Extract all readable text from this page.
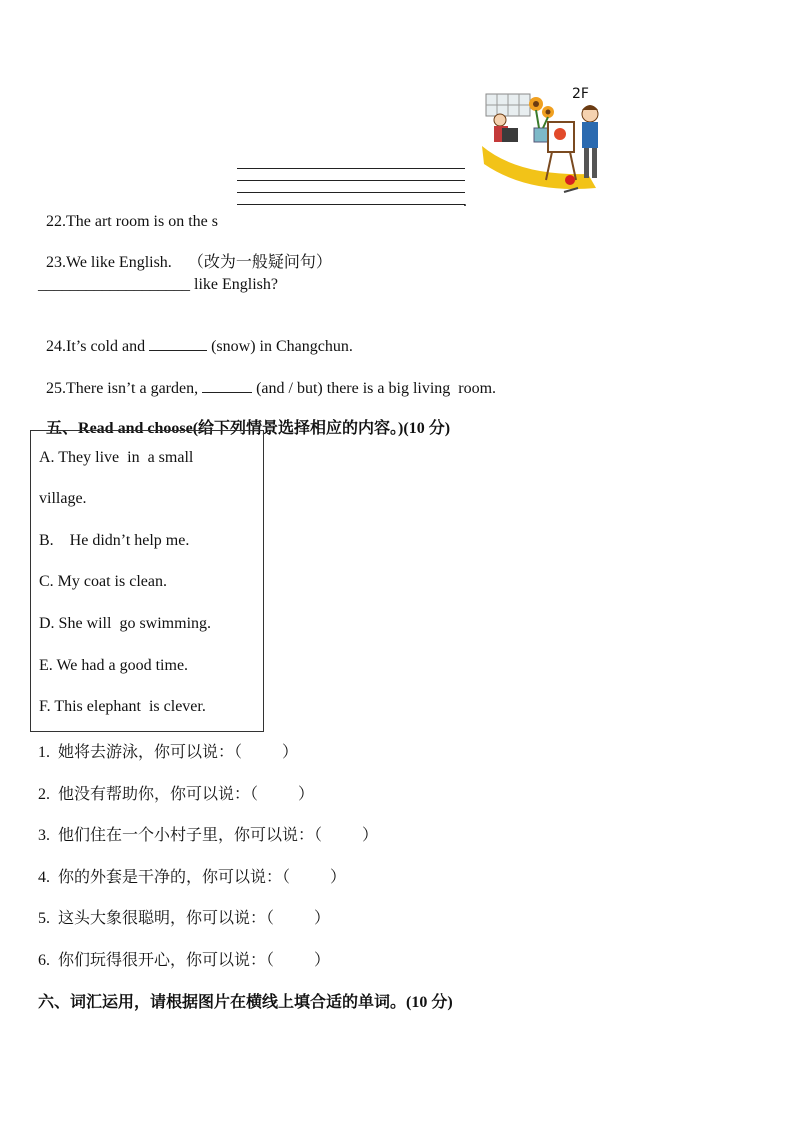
2F

22.The art room is on the s

.

23.We like English. （改为一般疑问句）

___________________ like English?

24.It’s cold and	(snow) in Changchun.

25.There isn’t a garden,	(and / but) there is a big living  room.

五、Read and choose(给下列情景选择相应的内容。)(10 分)

A. They live  in  a small
village.
B.    He didn’t help me.
C. My coat is clean.
D. She will  go swimming.
E. We had a good time.
F. This elephant  is clever.
1.  她将去游泳，你可以说：（          ）
2.  他没有帮助你，你可以说：（          ）
3.  他们住在一个小村子里，你可以说：（          ）
4.  你的外套是干净的，你可以说：（          ）
5.  这头大象很聪明，你可以说：（          ）
6.  你们玩得很开心，你可以说：（          ）
六、词汇运用，请根据图片在横线上填合适的单词。(10 分)
